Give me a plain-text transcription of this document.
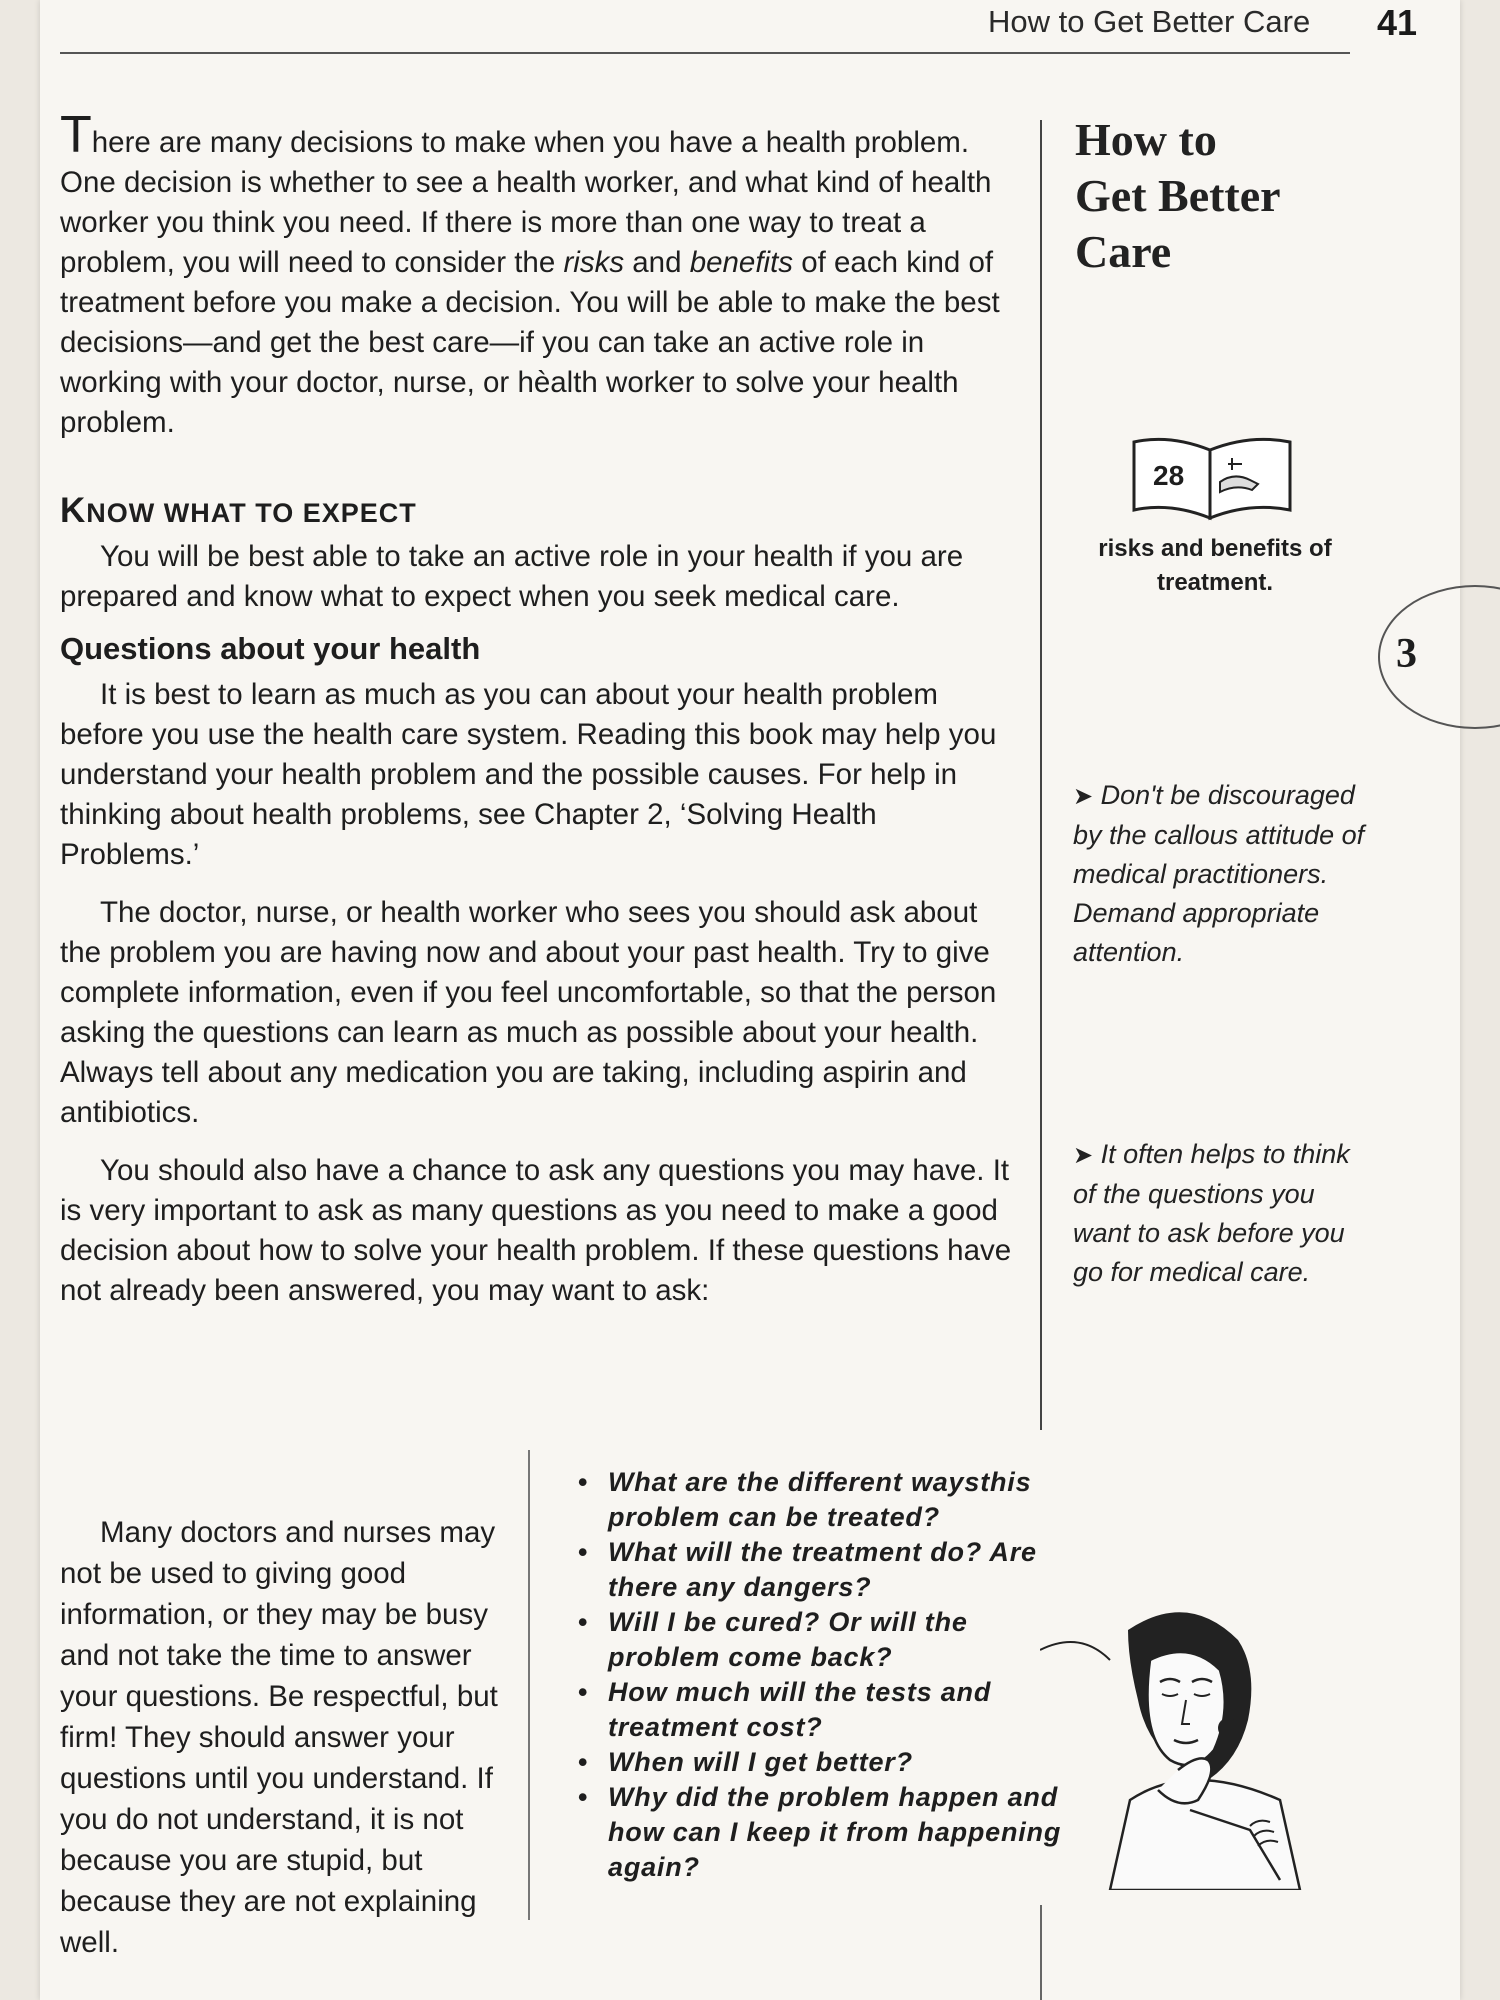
How to Get Better Care 41

There are many decisions to make when you have a health problem. One decision is whether to see a health worker, and what kind of health worker you think you need. If there is more than one way to treat a problem, you will need to consider the risks and benefits of each kind of treatment before you make a decision. You will be able to make the best decisions—and get the best care—if you can take an active role in working with your doctor, nurse, or hèalth worker to solve your health problem.

KNOW WHAT TO EXPECT

You will be best able to take an active role in your health if you are prepared and know what to expect when you seek medical care.

Questions about your health

It is best to learn as much as you can about your health problem before you use the health care system. Reading this book may help you understand your health problem and the possible causes. For help in thinking about health problems, see Chapter 2, ‘Solving Health Problems.’

The doctor, nurse, or health worker who sees you should ask about the problem you are having now and about your past health. Try to give complete information, even if you feel uncomfortable, so that the person asking the questions can learn as much as possible about your health. Always tell about any medication you are taking, including aspirin and antibiotics.

You should also have a chance to ask any questions you may have. It is very important to ask as many questions as you need to make a good decision about how to solve your health problem. If these questions have not already been answered, you may want to ask:

How to
Get Better
Care
28
risks and benefits of treatment.
3
➤ Don't be discouraged by the callous attitude of medical practitioners. Demand appropriate attention.
➤ It often helps to think of the questions you want to ask before you go for medical care.

Many doctors and nurses may not be used to giving good information, or they may be busy and not take the time to answer your questions. Be respectful, but firm! They should answer your questions until you understand. If you do not understand, it is not because you are stupid, but because they are not explaining well.

• What are the different waysthis problem can be treated?
• What will the treatment do? Are there any dangers?
• Will I be cured? Or will the problem come back?
• How much will the tests and treatment cost?
• When will I get better?
• Why did the problem happen and how can I keep it from happening again?
